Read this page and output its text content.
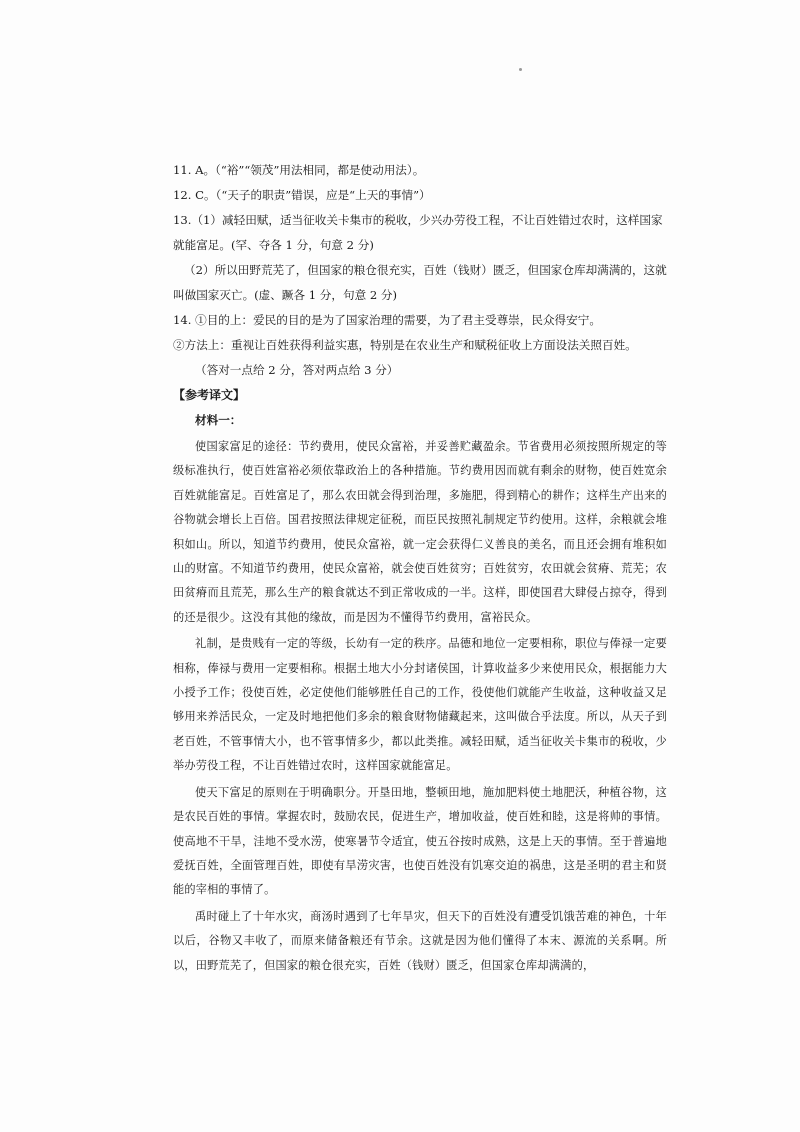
11. A。（“裕”“领茂”用法相同，都是使动用法）。

12. C。（“天子的职责”错误，应是“上天的事情”）

13.（1）减轻田赋，适当征收关卡集市的税收，少兴办劳役工程，不让百姓错过农时，这样国家就能富足。(罕、夺各 1 分，句意 2 分)

（2）所以田野荒芜了，但国家的粮仓很充实，百姓（钱财）匮乏，但国家仓库却满满的，这就叫做国家灭亡。(虚、蹶各 1 分，句意 2 分)

14. ①目的上：爱民的目的是为了国家治理的需要，为了君主受尊崇，民众得安宁。

②方法上：重视让百姓获得利益实惠，特别是在农业生产和赋税征收上方面设法关照百姓。

（答对一点给 2 分，答对两点给 3 分）

【参考译文】

材料一：

使国家富足的途径：节约费用，使民众富裕，并妥善贮藏盈余。节省费用必须按照所规定的等级标准执行，使百姓富裕必须依靠政治上的各种措施。节约费用因而就有剩余的财物，使百姓宽余百姓就能富足。百姓富足了，那么农田就会得到治理，多施肥，得到精心的耕作；这样生产出来的谷物就会增长上百倍。国君按照法律规定征税，而臣民按照礼制规定节约使用。这样，余粮就会堆积如山。所以，知道节约费用，使民众富裕，就一定会获得仁义善良的美名，而且还会拥有堆积如山的财富。不知道节约费用，使民众富裕，就会使百姓贫穷；百姓贫穷，农田就会贫瘠、荒芜；农田贫瘠而且荒芜，那么生产的粮食就达不到正常收成的一半。这样，即使国君大肆侵占掠夺，得到的还是很少。这没有其他的缘故，而是因为不懂得节约费用，富裕民众。

礼制，是贵贱有一定的等级，长幼有一定的秩序。品德和地位一定要相称，职位与俸禄一定要相称，俸禄与费用一定要相称。根据土地大小分封诸侯国，计算收益多少来使用民众，根据能力大小授予工作；役使百姓，必定使他们能够胜任自己的工作，役使他们就能产生收益，这种收益又足够用来养活民众，一定及时地把他们多余的粮食财物储藏起来，这叫做合乎法度。所以，从天子到老百姓，不管事情大小，也不管事情多少，都以此类推。减轻田赋，适当征收关卡集市的税收，少举办劳役工程，不让百姓错过农时，这样国家就能富足。

使天下富足的原则在于明确职分。开垦田地，整顿田地，施加肥料使土地肥沃，种植谷物，这是农民百姓的事情。掌握农时，鼓励农民，促进生产，增加收益，使百姓和睦，这是将帅的事情。使高地不干旱，洼地不受水涝，使寒暑节令适宜，使五谷按时成熟，这是上天的事情。至于普遍地爱抚百姓，全面管理百姓，即使有旱涝灾害，也使百姓没有饥寒交迫的祸患，这是圣明的君主和贤能的宰相的事情了。

禹时碰上了十年水灾，商汤时遇到了七年旱灾，但天下的百姓没有遭受饥饿苦难的神色，十年以后，谷物又丰收了，而原来储备粮还有节余。这就是因为他们懂得了本末、源流的关系啊。所以，田野荒芜了，但国家的粮仓很充实，百姓（钱财）匮乏，但国家仓库却满满的，
